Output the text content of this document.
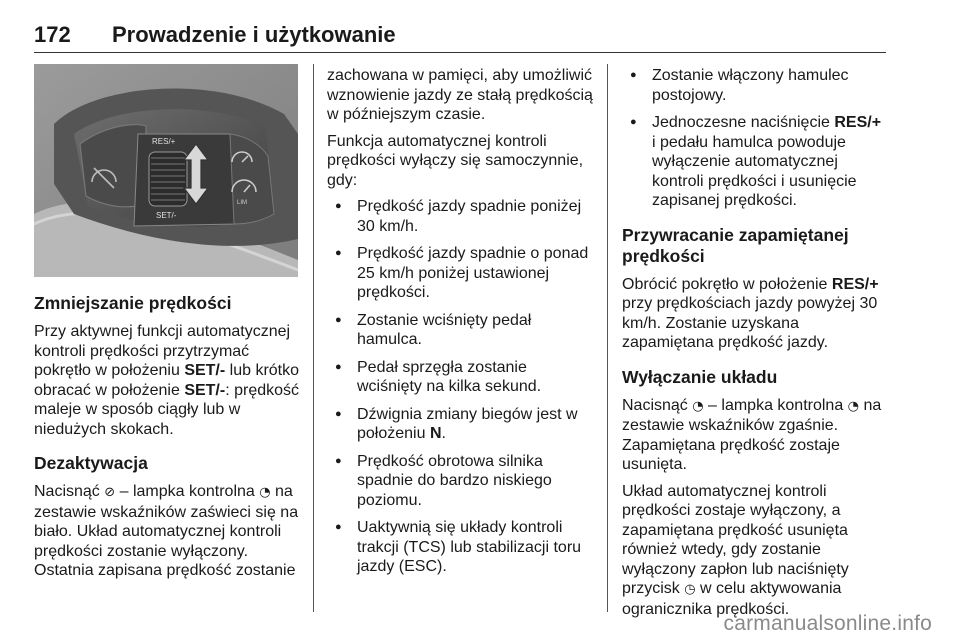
172 Prowadzenie i użytkowanie
RES/+
SET/-
LIM
Zmniejszanie prędkości

Przy aktywnej funkcji automatycznej kontroli prędkości przytrzymać pokrętło w położeniu SET/- lub krótko obracać w położenie SET/-: prędkość maleje w sposób ciągły lub w niedużych skokach.

Dezaktywacja

Nacisnąć ⊘ – lampka kontrolna ◔ na zestawie wskaźników zaświeci się na biało. Układ automatycznej kontroli prędkości zostanie wyłączony. Ostatnia zapisana prędkość zostanie

zachowana w pamięci, aby umożliwić wznowienie jazdy ze stałą prędkością w późniejszym czasie.

Funkcja automatycznej kontroli prędkości wyłączy się samoczynnie, gdy:

● Prędkość jazdy spadnie poniżej 30 km/h.
● Prędkość jazdy spadnie o ponad 25 km/h poniżej ustawionej prędkości.
● Zostanie wciśnięty pedał hamulca.
● Pedał sprzęgła zostanie wciśnięty na kilka sekund.
● Dźwignia zmiany biegów jest w położeniu N.
● Prędkość obrotowa silnika spadnie do bardzo niskiego poziomu.
● Uaktywnią się układy kontroli trakcji (TCS) lub stabilizacji toru jazdy (ESC).
● Zostanie włączony hamulec postojowy.
● Jednoczesne naciśnięcie RES/+ i pedału hamulca powoduje wyłączenie automatycznej kontroli prędkości i usunięcie zapisanej prędkości.
Przywracanie zapamiętanej prędkości

Obrócić pokrętło w położenie RES/+ przy prędkościach jazdy powyżej 30 km/h. Zostanie uzyskana zapamiętana prędkość jazdy.

Wyłączanie układu

Nacisnąć ◔ – lampka kontrolna ◔ na zestawie wskaźników zgaśnie. Zapamiętana prędkość zostaje usunięta.

Układ automatycznej kontroli prędkości zostaje wyłączony, a zapamiętana prędkość usunięta również wtedy, gdy zostanie wyłączony zapłon lub naciśnięty przycisk ◷ w celu aktywowania ogranicznika prędkości.

carmanualsonline.info
